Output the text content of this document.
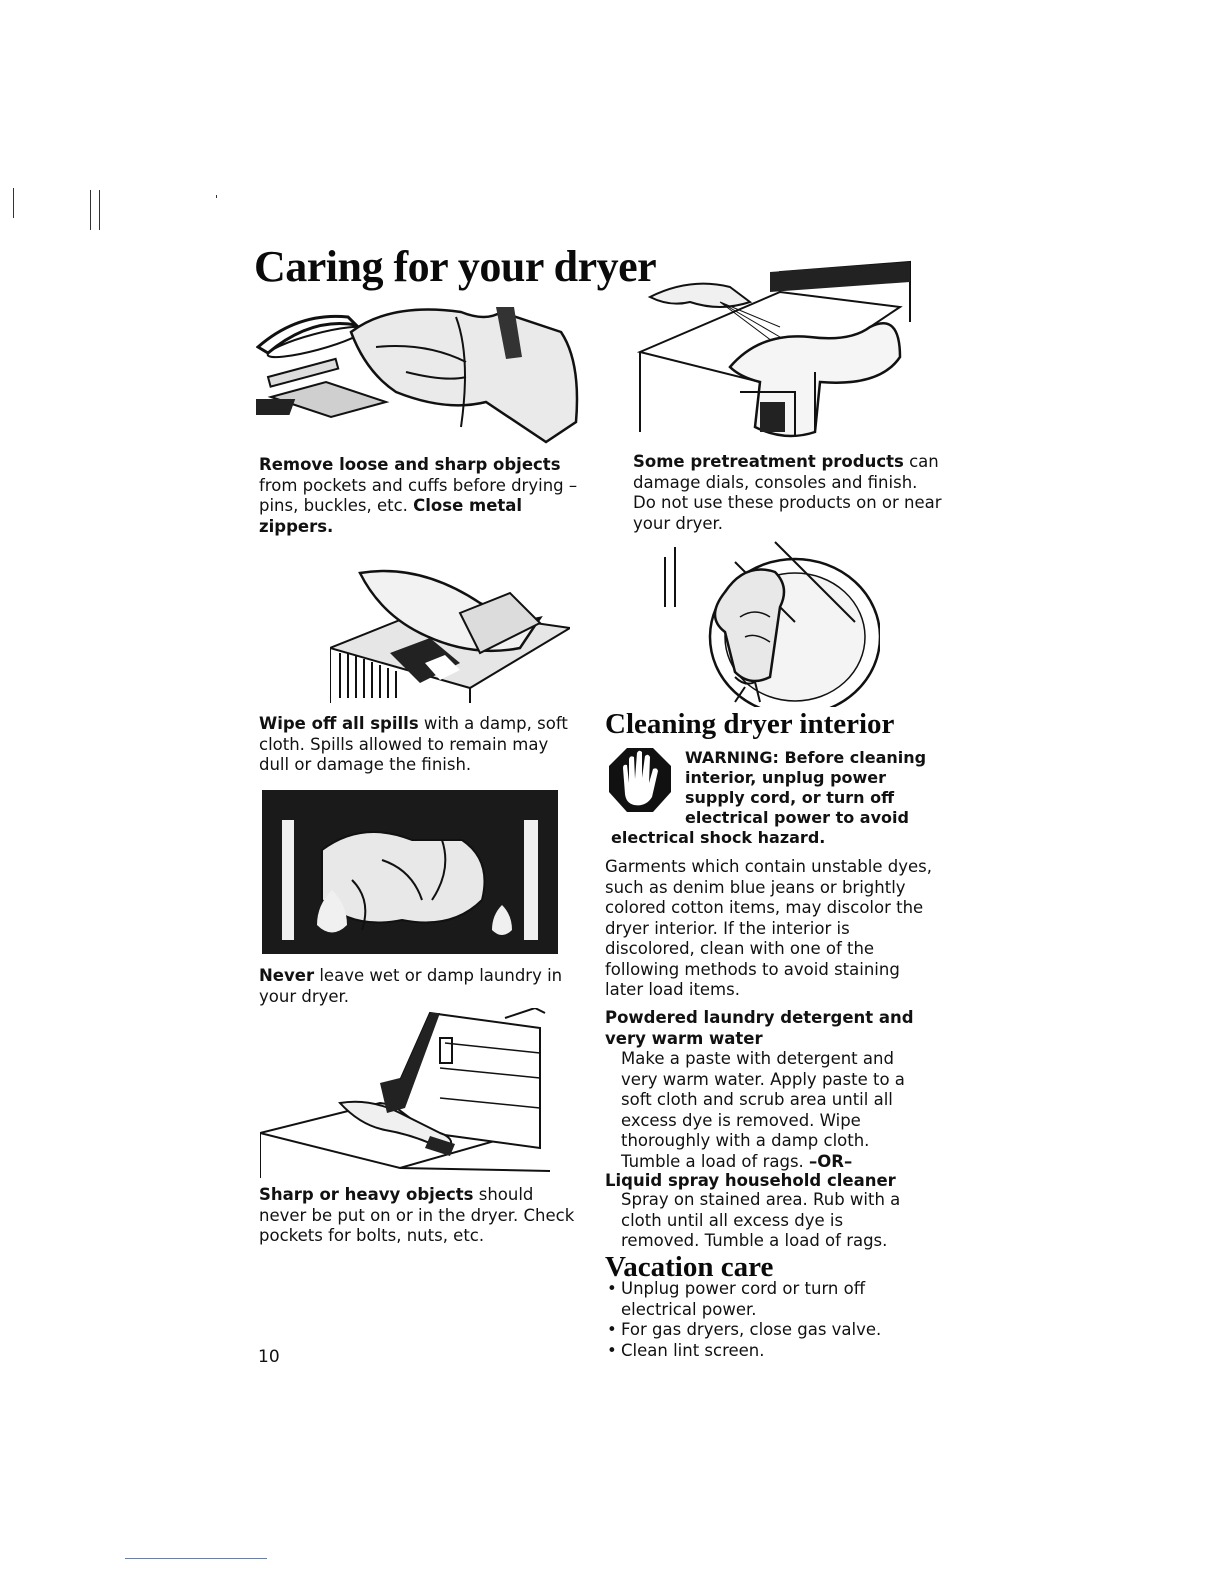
Caring for your dryer
Remove loose and sharp objects from pockets and cuffs before drying – pins, buckles, etc. Close metal zippers.
Wipe off all spills with a damp, soft cloth. Spills allowed to remain may dull or damage the finish.
Never leave wet or damp laundry in your dryer.
Sharp or heavy objects should never be put on or in the dryer. Check pockets for bolts, nuts, etc.
10
Some pretreatment products can damage dials, consoles and finish. Do not use these products on or near your dryer.
Cleaning dryer interior
WARNING: Before cleaning interior, unplug power supply cord, or turn off electrical power to avoid electrical shock hazard.
Garments which contain unstable dyes, such as denim blue jeans or brightly colored cotton items, may discolor the dryer interior. If the interior is discolored, clean with one of the following methods to avoid staining later load items.
Powdered laundry detergent and very warm water
Make a paste with detergent and very warm water. Apply paste to a soft cloth and scrub area until all excess dye is removed. Wipe thoroughly with a damp cloth. Tumble a load of rags. –OR–
Liquid spray household cleaner
Spray on stained area. Rub with a cloth until all excess dye is removed. Tumble a load of rags.
Vacation care
• Unplug power cord or turn off electrical power.
• For gas dryers, close gas valve.
• Clean lint screen.
